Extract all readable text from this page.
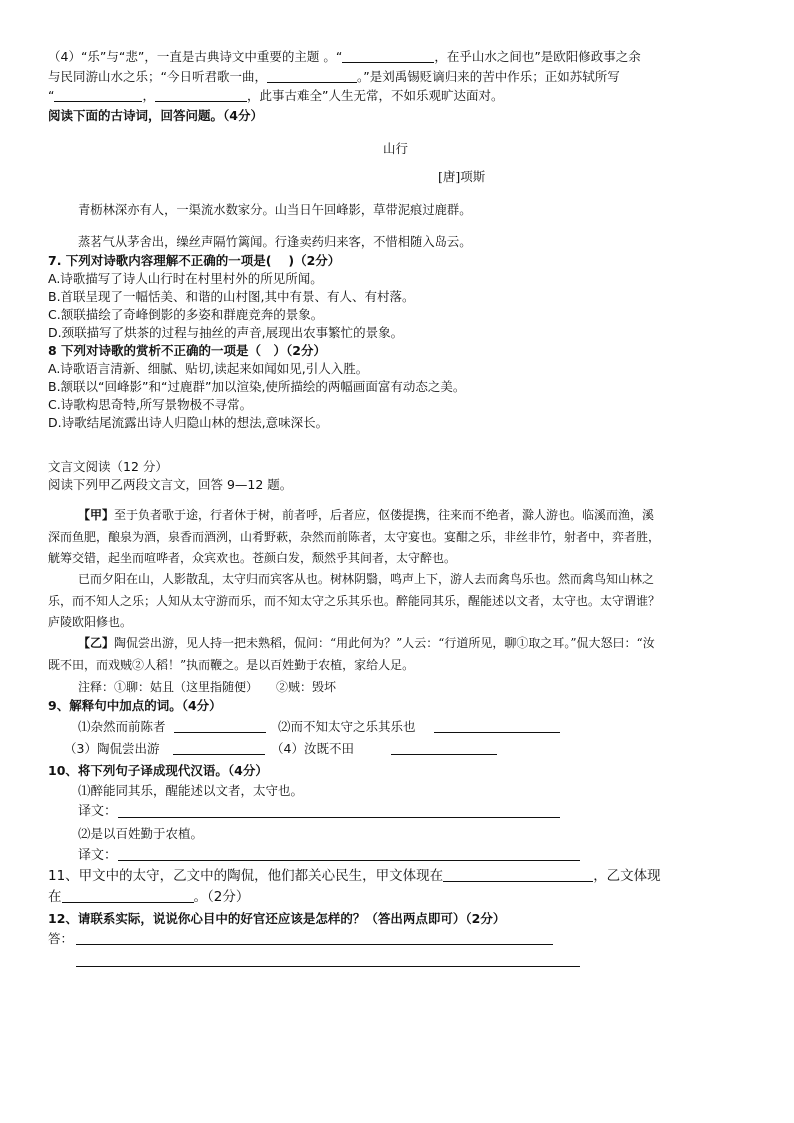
（4）“乐”与“悲”，一直是古典诗文中重要的主题 。“	，在乎山水之间也”是欧阳修政事之余
与民同游山水之乐；“今日听君歌一曲，	。”是刘禹锡贬谪归来的苦中作乐；正如苏轼所写
“	，	，此事古难全”人生无常，不如乐观旷达面对。
阅读下面的古诗词，回答问题。（4分）
山行
[唐]项斯
青枥林深亦有人，一渠流水数家分。山当日午回峰影，草带泥痕过鹿群。
蒸茗气从茅舍出，缲丝声隔竹篱闻。行逢卖药归来客，不惜相随入岛云。
7. 下列对诗歌内容理解不正确的一项是(　 )（2分）
A.诗歌描写了诗人山行时在村里村外的所见所闻。
B.首联呈现了一幅恬美、和谐的山村图,其中有景、有人、有村落。
C.颔联描绘了奇峰倒影的多姿和群鹿竞奔的景象。
D.颈联描写了烘茶的过程与抽丝的声音,展现出农事繁忙的景象。
8 下列对诗歌的赏析不正确的一项是（　）（2分）
A.诗歌语言清新、细腻、贴切,读起来如闻如见,引人入胜。
B.颔联以“回峰影”和“过鹿群”加以渲染,使所描绘的两幅画面富有动态之美。
C.诗歌构思奇特,所写景物极不寻常。
D.诗歌结尾流露出诗人归隐山林的想法,意味深长。
文言文阅读（12 分）
阅读下列甲乙两段文言文，回答 9—12 题。
【甲】至于负者歌于途，行者休于树，前者呼，后者应，伛偻提携，往来而不绝者，滁人游也。临溪而渔，溪
深而鱼肥，酿泉为酒，泉香而酒洌，山肴野蔌，杂然而前陈者，太守宴也。宴酣之乐，非丝非竹，射者中，弈者胜，
觥筹交错，起坐而喧哗者，众宾欢也。苍颜白发，颓然乎其间者，太守醉也。
已而夕阳在山，人影散乱，太守归而宾客从也。树林阴翳，鸣声上下，游人去而禽鸟乐也。然而禽鸟知山林之
乐，而不知人之乐；人知从太守游而乐，而不知太守之乐其乐也。醉能同其乐，醒能述以文者，太守也。太守谓谁？
庐陵欧阳修也。
【乙】陶侃尝出游，见人持一把未熟稻，侃问：“用此何为？”人云：“行道所见，聊①取之耳。”侃大怒曰：“汝
既不田，而戏贼②人稻！”执而鞭之。是以百姓勤于农植，家给人足。
注释：①聊：姑且（这里指随便）　　②贼：毁坏
9、解释句中加点的词。（4分）
⑴杂然而前陈者	⑵而不知太守之乐其乐也
（3）陶侃尝出游	（4）汝既不田
10、将下列句子译成现代汉语。（4分）
⑴醉能同其乐，醒能述以文者，太守也。
译文：
⑵是以百姓勤于农植。
译文：
11、甲文中的太守，乙文中的陶侃，他们都关心民生，甲文体现在	，乙文体现
在	。（2分）
12、请联系实际，说说你心目中的好官还应该是怎样的？（答出两点即可）（2分）
答：
